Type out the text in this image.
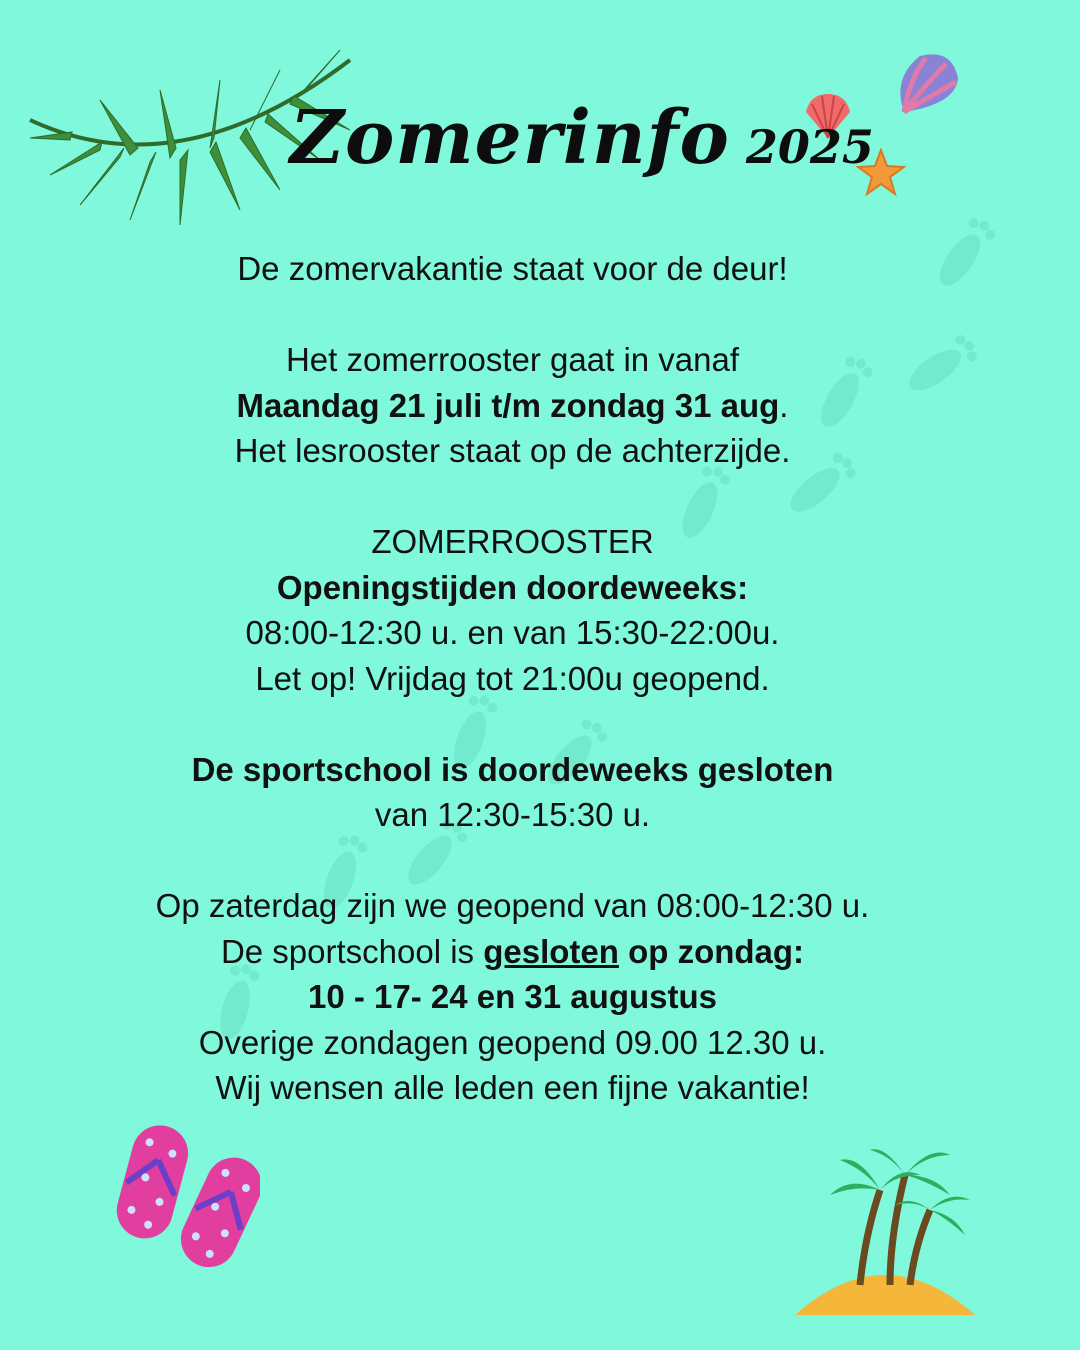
Zomerinfo 2025

De zomervakantie staat voor de deur!

Het zomerrooster gaat in vanaf

Maandag 21 juli t/m zondag 31 aug.

Het lesrooster staat op de achterzijde.

ZOMERROOSTER

Openingstijden doordeweeks:

08:00-12:30 u. en van 15:30-22:00u.

Let op! Vrijdag tot 21:00u geopend.

De sportschool is doordeweeks gesloten

van 12:30-15:30 u.

Op zaterdag zijn we geopend van 08:00-12:30 u.

De sportschool is gesloten op zondag:

10 - 17- 24 en 31 augustus

Overige zondagen geopend 09.00 12.30 u.

Wij wensen alle leden een fijne vakantie!
